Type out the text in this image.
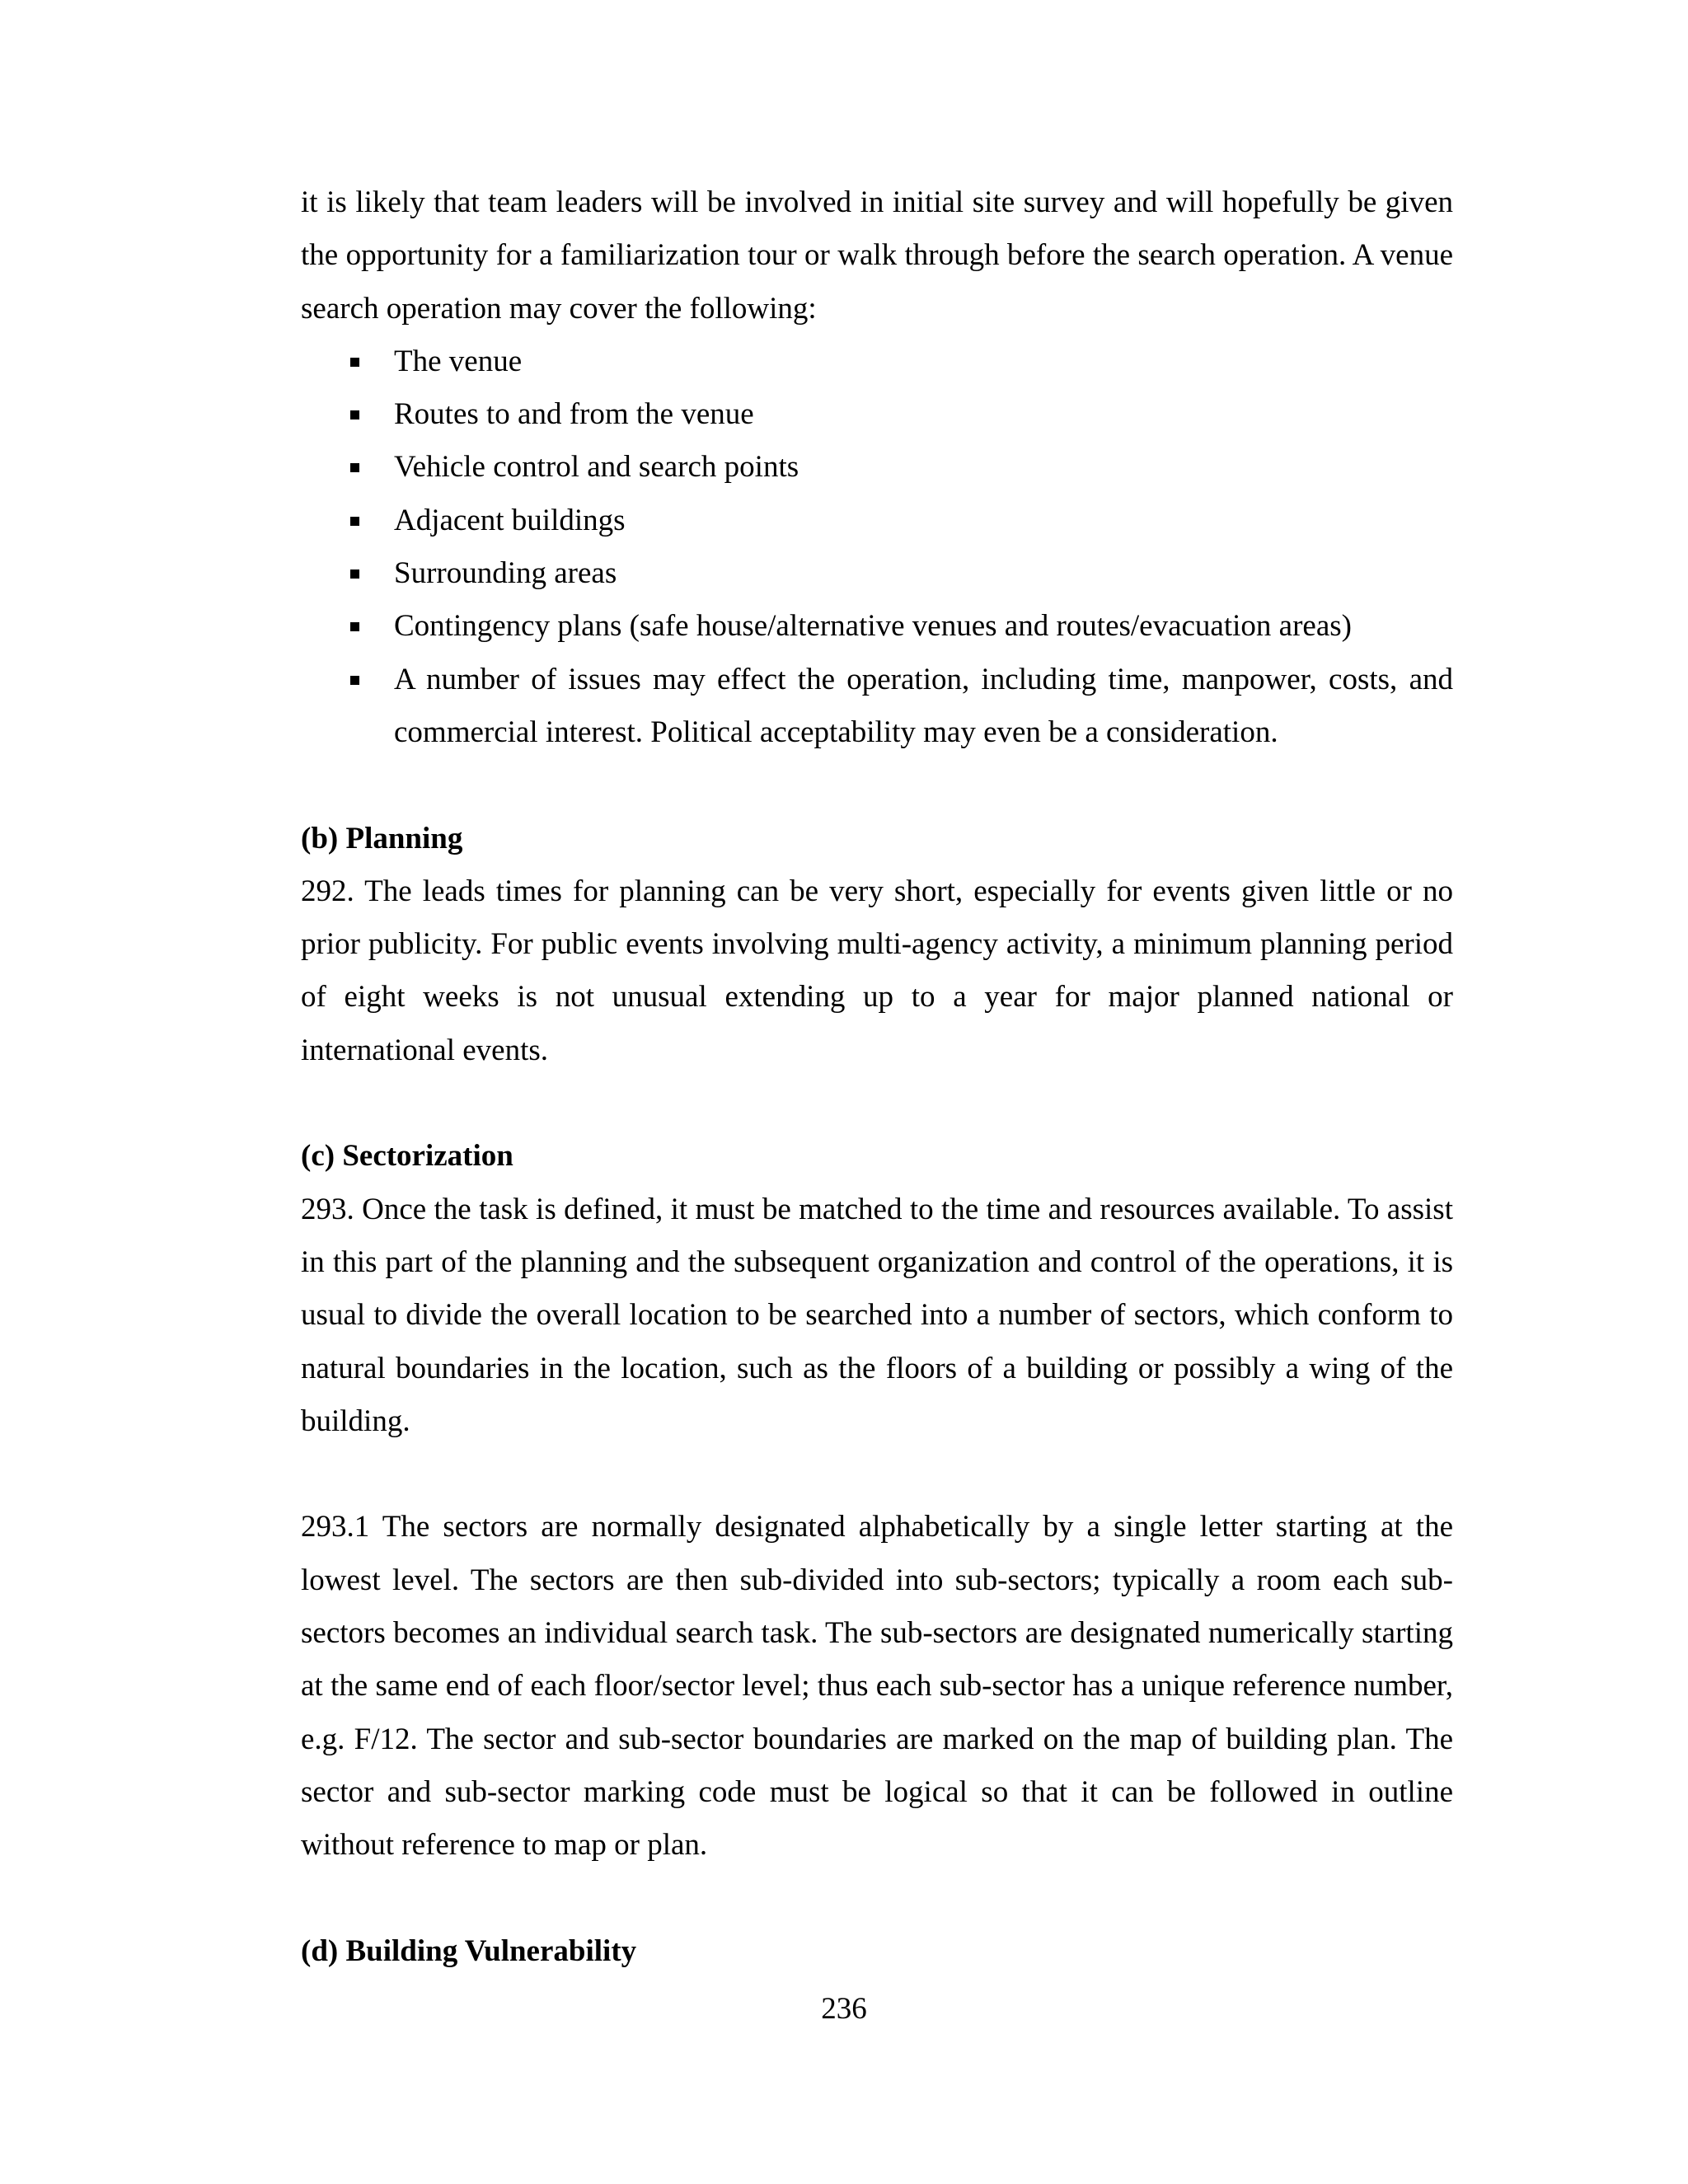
it is likely that team leaders will be involved in initial site survey and will hopefully be given the opportunity for a familiarization tour or walk through before the search operation. A venue search operation may cover the following:

The venue
Routes to and from the venue
Vehicle control and search points
Adjacent buildings
Surrounding areas
Contingency plans (safe house/alternative venues and routes/evacuation areas)
A number of issues may effect the operation, including time, manpower, costs, and commercial interest. Political acceptability may even be a consideration.
(b) Planning

292. The leads times for planning can be very short, especially for events given little or no prior publicity. For public events involving multi-agency activity, a minimum planning period of eight weeks is not unusual extending up to a year for major planned national or international events.

(c) Sectorization

293. Once the task is defined, it must be matched to the time and resources available. To assist in this part of the planning and the subsequent organization and control of the operations, it is usual to divide the overall location to be searched into a number of sectors, which conform to natural boundaries in the location, such as the floors of a building or possibly a wing of the building.

293.1 The sectors are normally designated alphabetically by a single letter starting at the lowest level. The sectors are then sub-divided into sub-sectors; typically a room each sub-sectors becomes an individual search task. The sub-sectors are designated numerically starting at the same end of each floor/sector level; thus each sub-sector has a unique reference number, e.g. F/12. The sector and sub-sector boundaries are marked on the map of building plan. The sector and sub-sector marking code must be logical so that it can be followed in outline without reference to map or plan.

(d) Building Vulnerability
236
